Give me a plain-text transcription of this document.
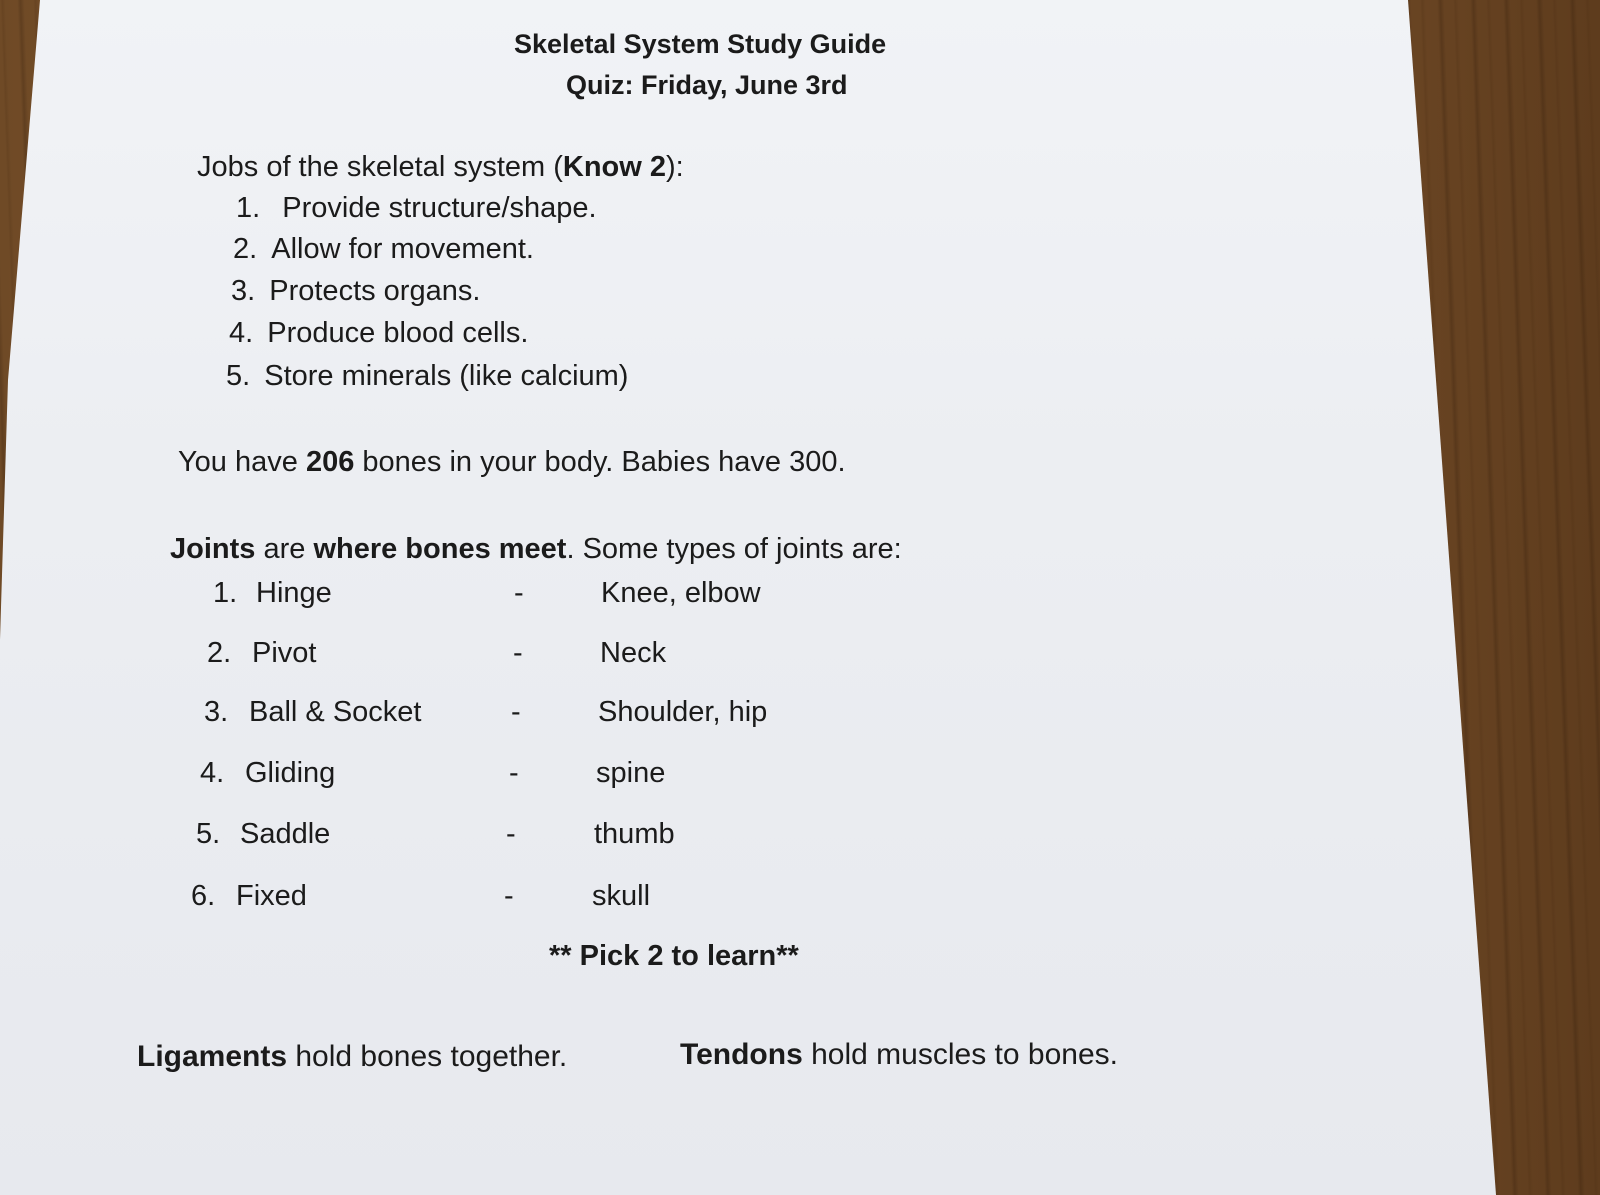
Skeletal System Study Guide
Quiz: Friday, June 3rd
Jobs of the skeletal system (Know 2):
1. Provide structure/shape.
2. Allow for movement.
3. Protects organs.
4. Produce blood cells.
5. Store minerals (like calcium)
You have 206 bones in your body. Babies have 300.
Joints are where bones meet. Some types of joints are:
1. Hinge	-	Knee, elbow
2. Pivot	-	Neck
3. Ball & Socket	-	Shoulder, hip
4. Gliding	-	spine
5. Saddle	-	thumb
6. Fixed	-	skull
** Pick 2 to learn**
Ligaments hold bones together.	Tendons hold muscles to bones.
